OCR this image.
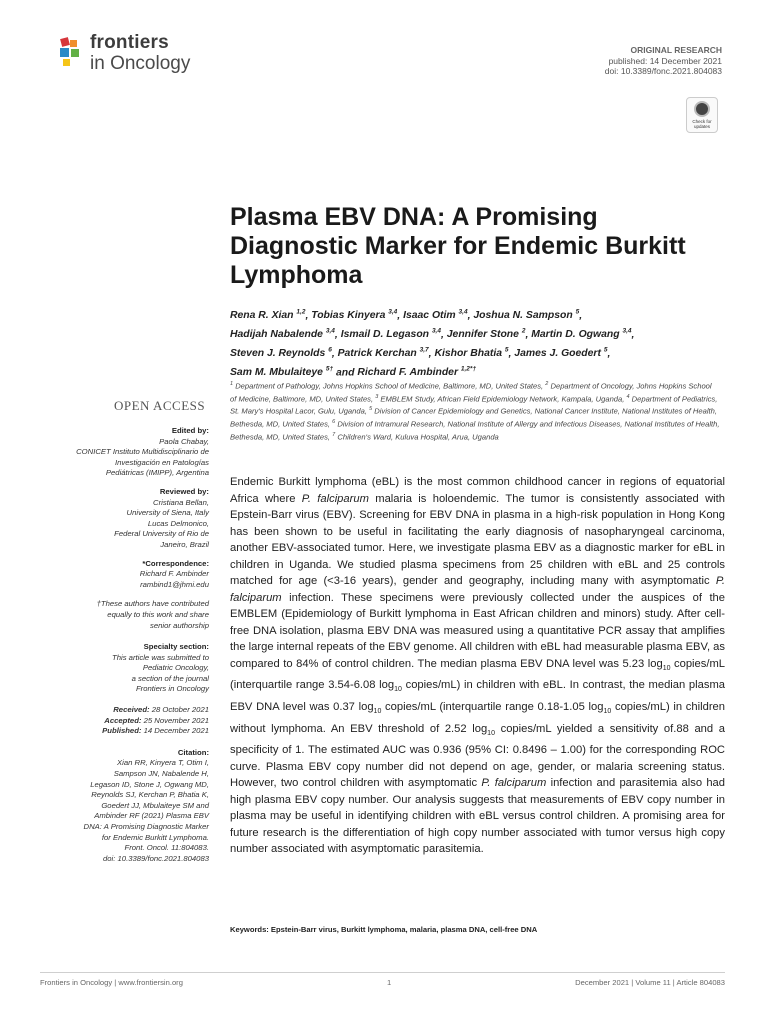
frontiers
in Oncology
ORIGINAL RESEARCH
published: 14 December 2021
doi: 10.3389/fonc.2021.804083
Check for
updates
Plasma EBV DNA: A Promising Diagnostic Marker for Endemic Burkitt Lymphoma
Rena R. Xian $^{1,2}$, Tobias Kinyera $^{3,4}$, Isaac Otim $^{3,4}$, Joshua N. Sampson $^5$,
Hadijah Nabalende $^{3,4}$, Ismail D. Legason $^{3,4}$, Jennifer Stone $^2$, Martin D. Ogwang $^{3,4}$,
Steven J. Reynolds $^6$, Patrick Kerchan $^{3,7}$, Kishor Bhatia $^5$, James J. Goedert $^5$,
Sam M. Mbulaiteye $^{5\dagger}$ and Richard F. Ambinder $^{1,2*\dagger}$
$^1$ Department of Pathology, Johns Hopkins School of Medicine, Baltimore, MD, United States, $^2$ Department of Oncology, Johns Hopkins School of Medicine, Baltimore, MD, United States, $^3$ EMBLEM Study, African Field Epidemiology Network, Kampala, Uganda, $^4$ Department of Pediatrics, St. Mary's Hospital Lacor, Gulu, Uganda, $^5$ Division of Cancer Epidemiology and Genetics, National Cancer Institute, National Institutes of Health, Bethesda, MD, United States, $^6$ Division of Intramural Research, National Institute of Allergy and Infectious Diseases, National Institutes of Health, Bethesda, MD, United States, $^7$ Children's Ward, Kuluva Hospital, Arua, Uganda
OPEN ACCESS
Edited by:
Paola Chabay,
CONICET Instituto Multidisciplinario de
Investigación en Patologías
Pediátricas (IMIPP), Argentina
Reviewed by:
Cristiana Bellan,
University of Siena, Italy
Lucas Delmonico,
Federal University of Rio de
Janeiro, Brazil
*Correspondence:
Richard F. Ambinder
rambind1@jhmi.edu
†These authors have contributed
equally to this work and share
senior authorship
Specialty section:
This article was submitted to
Pediatric Oncology,
a section of the journal
Frontiers in Oncology
Received: 28 October 2021
Accepted: 25 November 2021
Published: 14 December 2021
Citation:
Xian RR, Kinyera T, Otim I,
Sampson JN, Nabalende H,
Legason ID, Stone J, Ogwang MD,
Reynolds SJ, Kerchan P, Bhatia K,
Goedert JJ, Mbulaiteye SM and
Ambinder RF (2021) Plasma EBV
DNA: A Promising Diagnostic Marker
for Endemic Burkitt Lymphoma.
Front. Oncol. 11:804083.
doi: 10.3389/fonc.2021.804083

Endemic Burkitt lymphoma (eBL) is the most common childhood cancer in regions of equatorial Africa where P. falciparum malaria is holoendemic. The tumor is consistently associated with Epstein-Barr virus (EBV). Screening for EBV DNA in plasma in a high-risk population in Hong Kong has been shown to be useful in facilitating the early diagnosis of nasopharyngeal carcinoma, another EBV-associated tumor. Here, we investigate plasma EBV as a diagnostic marker for eBL in children in Uganda. We studied plasma specimens from 25 children with eBL and 25 controls matched for age (<3-16 years), gender and geography, including many with asymptomatic P. falciparum infection. These specimens were previously collected under the auspices of the EMBLEM (Epidemiology of Burkitt lymphoma in East African children and minors) study. After cell-free DNA isolation, plasma EBV DNA was measured using a quantitative PCR assay that amplifies the large internal repeats of the EBV genome. All children with eBL had measurable plasma EBV, as compared to 84% of control children. The median plasma EBV DNA level was 5.23 $\log_{10}$ copies/mL (interquartile range 3.54-6.08 $\log_{10}$ copies/mL) in children with eBL. In contrast, the median plasma EBV DNA level was 0.37 $\log_{10}$ copies/mL (interquartile range 0.18-1.05 $\log_{10}$ copies/mL) in children without lymphoma. An EBV threshold of 2.52 $\log_{10}$ copies/mL yielded a sensitivity of.88 and a specificity of 1. The estimated AUC was 0.936 (95% CI: 0.8496 – 1.00) for the corresponding ROC curve. Plasma EBV copy number did not depend on age, gender, or malaria screening status. However, two control children with asymptomatic P. falciparum infection and parasitemia also had high plasma EBV copy number. Our analysis suggests that measurements of EBV copy number in plasma may be useful in identifying children with eBL versus control children. A promising area for future research is the differentiation of high copy number associated with tumor versus high copy number associated with asymptomatic parasitemia.

Keywords: Epstein-Barr virus, Burkitt lymphoma, malaria, plasma DNA, cell-free DNA
Frontiers in Oncology | www.frontiersin.org	1	December 2021 | Volume 11 | Article 804083
